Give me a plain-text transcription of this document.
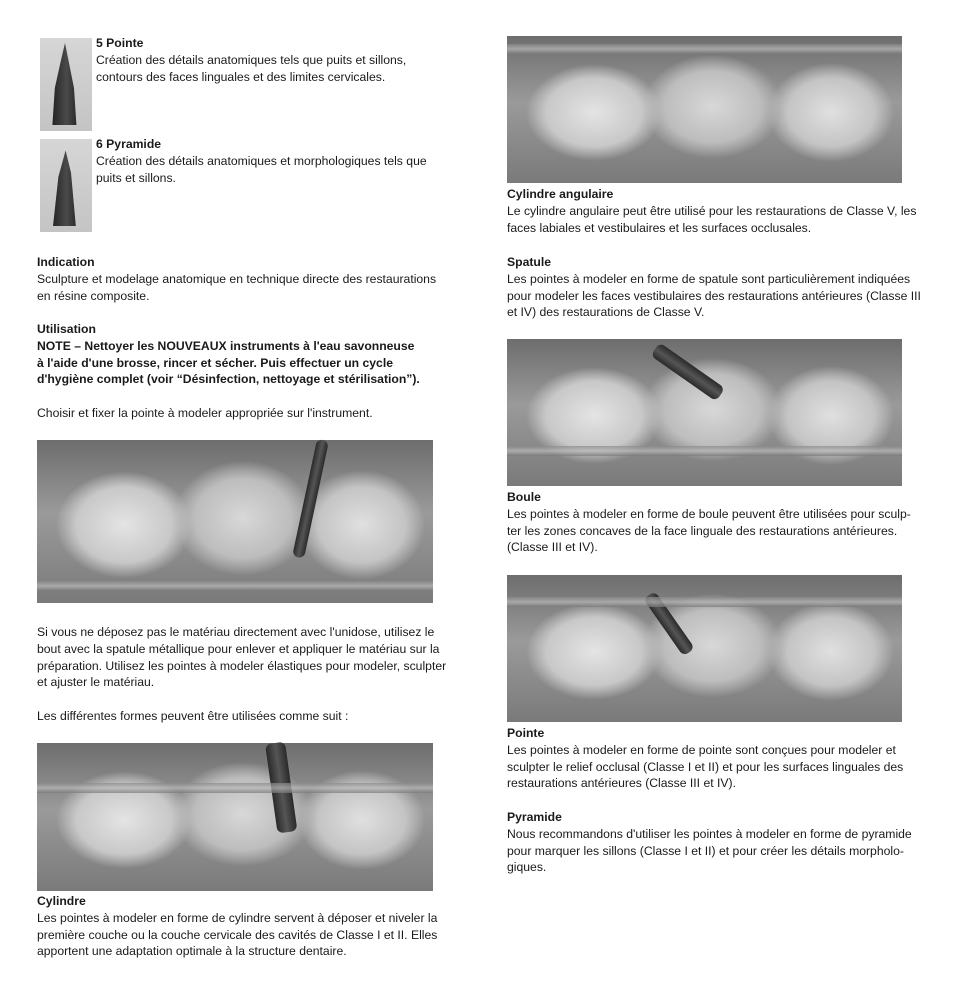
5 Pointe

Création des détails anatomiques tels que puits et sillons,

contours des faces linguales et des limites cervicales.

6 Pyramide

Création des détails anatomiques et morphologiques tels que

puits et sillons.

Indication

Sculpture et modelage anatomique en technique directe des restaurations

en résine composite.

Utilisation

NOTE – Nettoyer les NOUVEAUX instruments à l'eau savonneuse

à l'aide d'une brosse, rincer et sécher. Puis effectuer un cycle

d'hygiène complet (voir “Désinfection, nettoyage et stérilisation”).

Choisir et fixer la pointe à modeler appropriée sur l'instrument.

Si vous ne déposez pas le matériau directement avec l'unidose, utilisez le

bout avec la spatule métallique pour enlever et appliquer le matériau sur la

préparation. Utilisez les pointes à modeler élastiques pour modeler, sculpter

et ajuster le matériau.

Les différentes formes peuvent être utilisées comme suit :

Cylindre

Les pointes à modeler en forme de cylindre servent à déposer et niveler la

première couche ou la couche cervicale des cavités de Classe I et II. Elles

apportent une adaptation optimale à la structure dentaire.

Cylindre angulaire

Le cylindre angulaire peut être utilisé pour les restaurations de Classe V, les

faces labiales et vestibulaires et les surfaces occlusales.

Spatule

Les pointes à modeler en forme de spatule sont particulièrement indiquées

pour modeler les faces vestibulaires des restaurations antérieures (Classe III

et IV) des restaurations de Classe V.

Boule

Les pointes à modeler en forme de boule peuvent être utilisées pour sculp-

ter les zones concaves de la face linguale des restaurations antérieures.

(Classe III et IV).

Pointe

Les pointes à modeler en forme de pointe sont conçues pour modeler et

sculpter le relief occlusal (Classe I et II) et pour les surfaces linguales des

restaurations antérieures (Classe III et IV).

Pyramide

Nous recommandons d'utiliser les pointes à modeler en forme de pyramide

pour marquer les sillons (Classe I et II) et pour créer les détails morpholo-

giques.
